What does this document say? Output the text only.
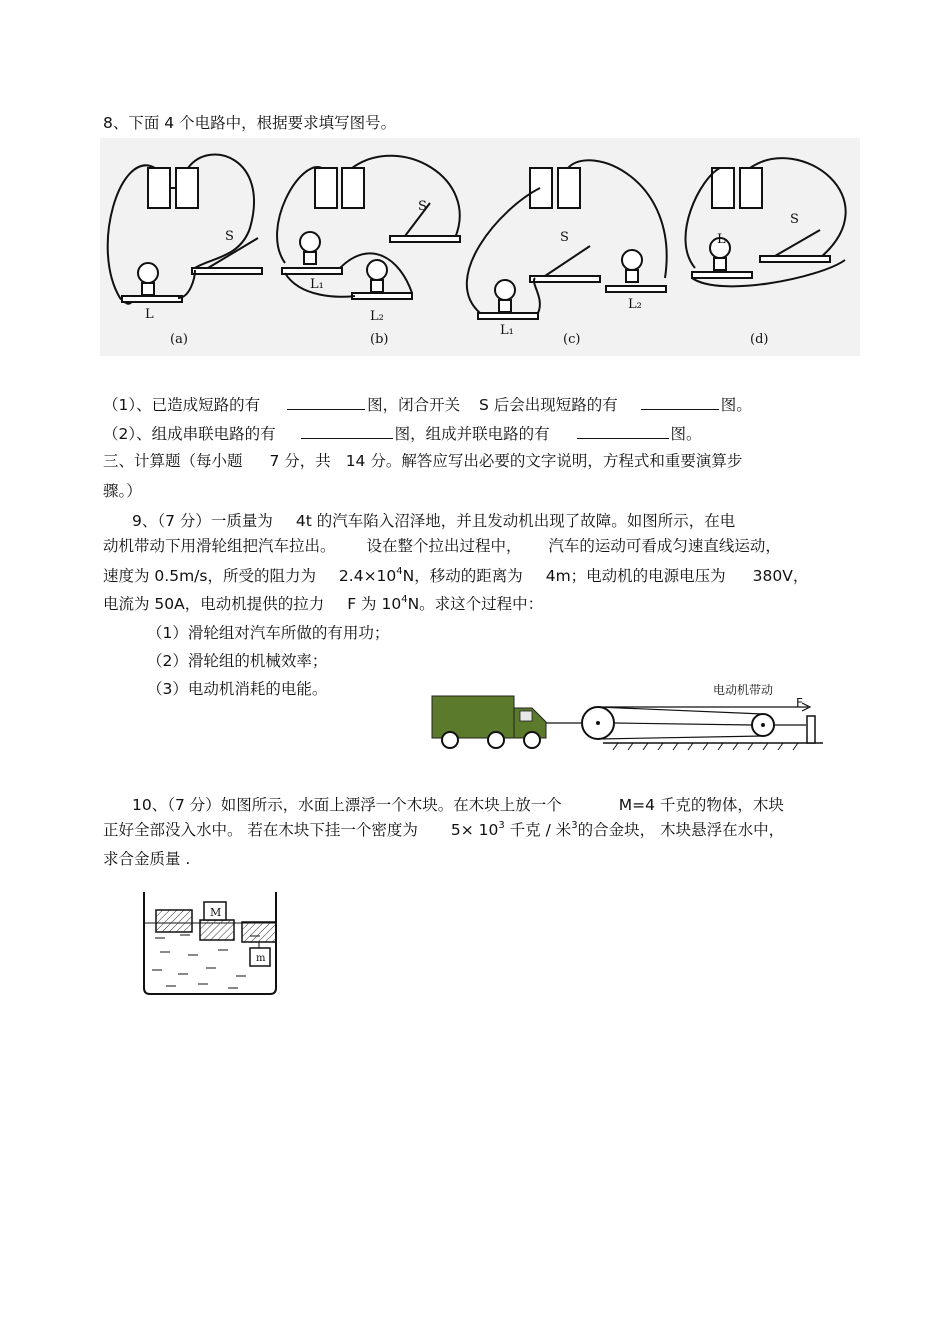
8、下面 4 个电路中，根据要求填写图号。
L
S
(a)
L₁
L₂
S
(b)
L₁
L₂
S
(c)
L
S
(d)
（1）、已造成短路的有	图，闭合开关 S 后会出现短路的有	图。
（2）、组成串联电路的有	图，组成并联电路的有	图。
三、计算题（每小题 7 分，共 14 分。解答应写出必要的文字说明，方程式和重要演算步
骤。）
9、（7 分）一质量为 4t 的汽车陷入沼泽地，并且发动机出现了故障。如图所示，在电
动机带动下用滑轮组把汽车拉出。 设在整个拉出过程中， 汽车的运动可看成匀速直线运动，
速度为 0.5m/s，所受的阻力为 $2.4\times 10^4N$，移动的距离为 4m；电动机的电源电压为 380V，
电流为 50A，电动机提供的拉力 F 为 $10^4N$。求这个过程中：
（1）滑轮组对汽车所做的有用功；
（2）滑轮组的机械效率；
（3）电动机消耗的电能。	电动机带动
F
10、（7 分）如图所示，水面上漂浮一个木块。在木块上放一个	M=4 千克的物体，木块
正好全部没入水中。 若在木块下挂一个密度为 $5\times 10^3$ 千克 / 米$^3$的合金块， 木块悬浮在水中，
求合金质量 .
M
m
